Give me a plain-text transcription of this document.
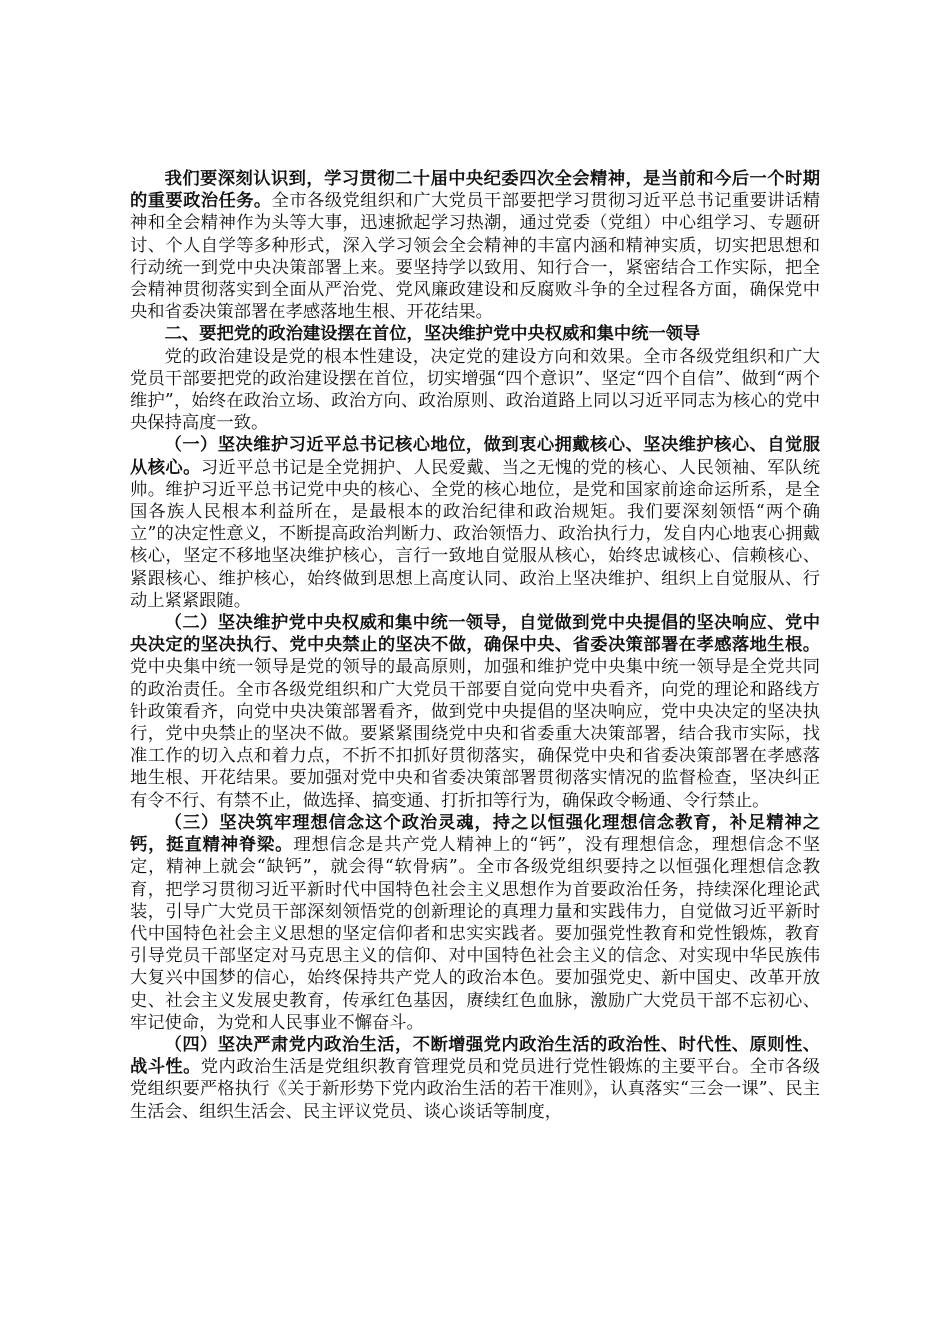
我们要深刻认识到，学习贯彻二十届中央纪委四次全会精神，是当前和今后一个时期的重要政治任务。全市各级党组织和广大党员干部要把学习贯彻习近平总书记重要讲话精神和全会精神作为头等大事，迅速掀起学习热潮，通过党委（党组）中心组学习、专题研讨、个人自学等多种形式，深入学习领会全会精神的丰富内涵和精神实质，切实把思想和行动统一到党中央决策部署上来。要坚持学以致用、知行合一，紧密结合工作实际，把全会精神贯彻落实到全面从严治党、党风廉政建设和反腐败斗争的全过程各方面，确保党中央和省委决策部署在孝感落地生根、开花结果。

二、要把党的政治建设摆在首位，坚决维护党中央权威和集中统一领导

党的政治建设是党的根本性建设，决定党的建设方向和效果。全市各级党组织和广大党员干部要把党的政治建设摆在首位，切实增强“四个意识”、坚定“四个自信”、做到“两个维护”，始终在政治立场、政治方向、政治原则、政治道路上同以习近平同志为核心的党中央保持高度一致。

（一）坚决维护习近平总书记核心地位，做到衷心拥戴核心、坚决维护核心、自觉服从核心。习近平总书记是全党拥护、人民爱戴、当之无愧的党的核心、人民领袖、军队统帅。维护习近平总书记党中央的核心、全党的核心地位，是党和国家前途命运所系，是全国各族人民根本利益所在，是最根本的政治纪律和政治规矩。我们要深刻领悟“两个确立”的决定性意义，不断提高政治判断力、政治领悟力、政治执行力，发自内心地衷心拥戴核心，坚定不移地坚决维护核心，言行一致地自觉服从核心，始终忠诚核心、信赖核心、紧跟核心、维护核心，始终做到思想上高度认同、政治上坚决维护、组织上自觉服从、行动上紧紧跟随。

（二）坚决维护党中央权威和集中统一领导，自觉做到党中央提倡的坚决响应、党中央决定的坚决执行、党中央禁止的坚决不做，确保中央、省委决策部署在孝感落地生根。党中央集中统一领导是党的领导的最高原则，加强和维护党中央集中统一领导是全党共同的政治责任。全市各级党组织和广大党员干部要自觉向党中央看齐，向党的理论和路线方针政策看齐，向党中央决策部署看齐，做到党中央提倡的坚决响应，党中央决定的坚决执行，党中央禁止的坚决不做。要紧紧围绕党中央和省委重大决策部署，结合我市实际，找准工作的切入点和着力点，不折不扣抓好贯彻落实，确保党中央和省委决策部署在孝感落地生根、开花结果。要加强对党中央和省委决策部署贯彻落实情况的监督检查，坚决纠正有令不行、有禁不止，做选择、搞变通、打折扣等行为，确保政令畅通、令行禁止。

（三）坚决筑牢理想信念这个政治灵魂，持之以恒强化理想信念教育，补足精神之钙，挺直精神脊梁。理想信念是共产党人精神上的“钙”，没有理想信念，理想信念不坚定，精神上就会“缺钙”，就会得“软骨病”。全市各级党组织要持之以恒强化理想信念教育，把学习贯彻习近平新时代中国特色社会主义思想作为首要政治任务，持续深化理论武装，引导广大党员干部深刻领悟党的创新理论的真理力量和实践伟力，自觉做习近平新时代中国特色社会主义思想的坚定信仰者和忠实实践者。要加强党性教育和党性锻炼，教育引导党员干部坚定对马克思主义的信仰、对中国特色社会主义的信念、对实现中华民族伟大复兴中国梦的信心，始终保持共产党人的政治本色。要加强党史、新中国史、改革开放史、社会主义发展史教育，传承红色基因，赓续红色血脉，激励广大党员干部不忘初心、牢记使命，为党和人民事业不懈奋斗。

（四）坚决严肃党内政治生活，不断增强党内政治生活的政治性、时代性、原则性、战斗性。党内政治生活是党组织教育管理党员和党员进行党性锻炼的主要平台。全市各级党组织要严格执行《关于新形势下党内政治生活的若干准则》，认真落实“三会一课”、民主生活会、组织生活会、民主评议党员、谈心谈话等制度，
